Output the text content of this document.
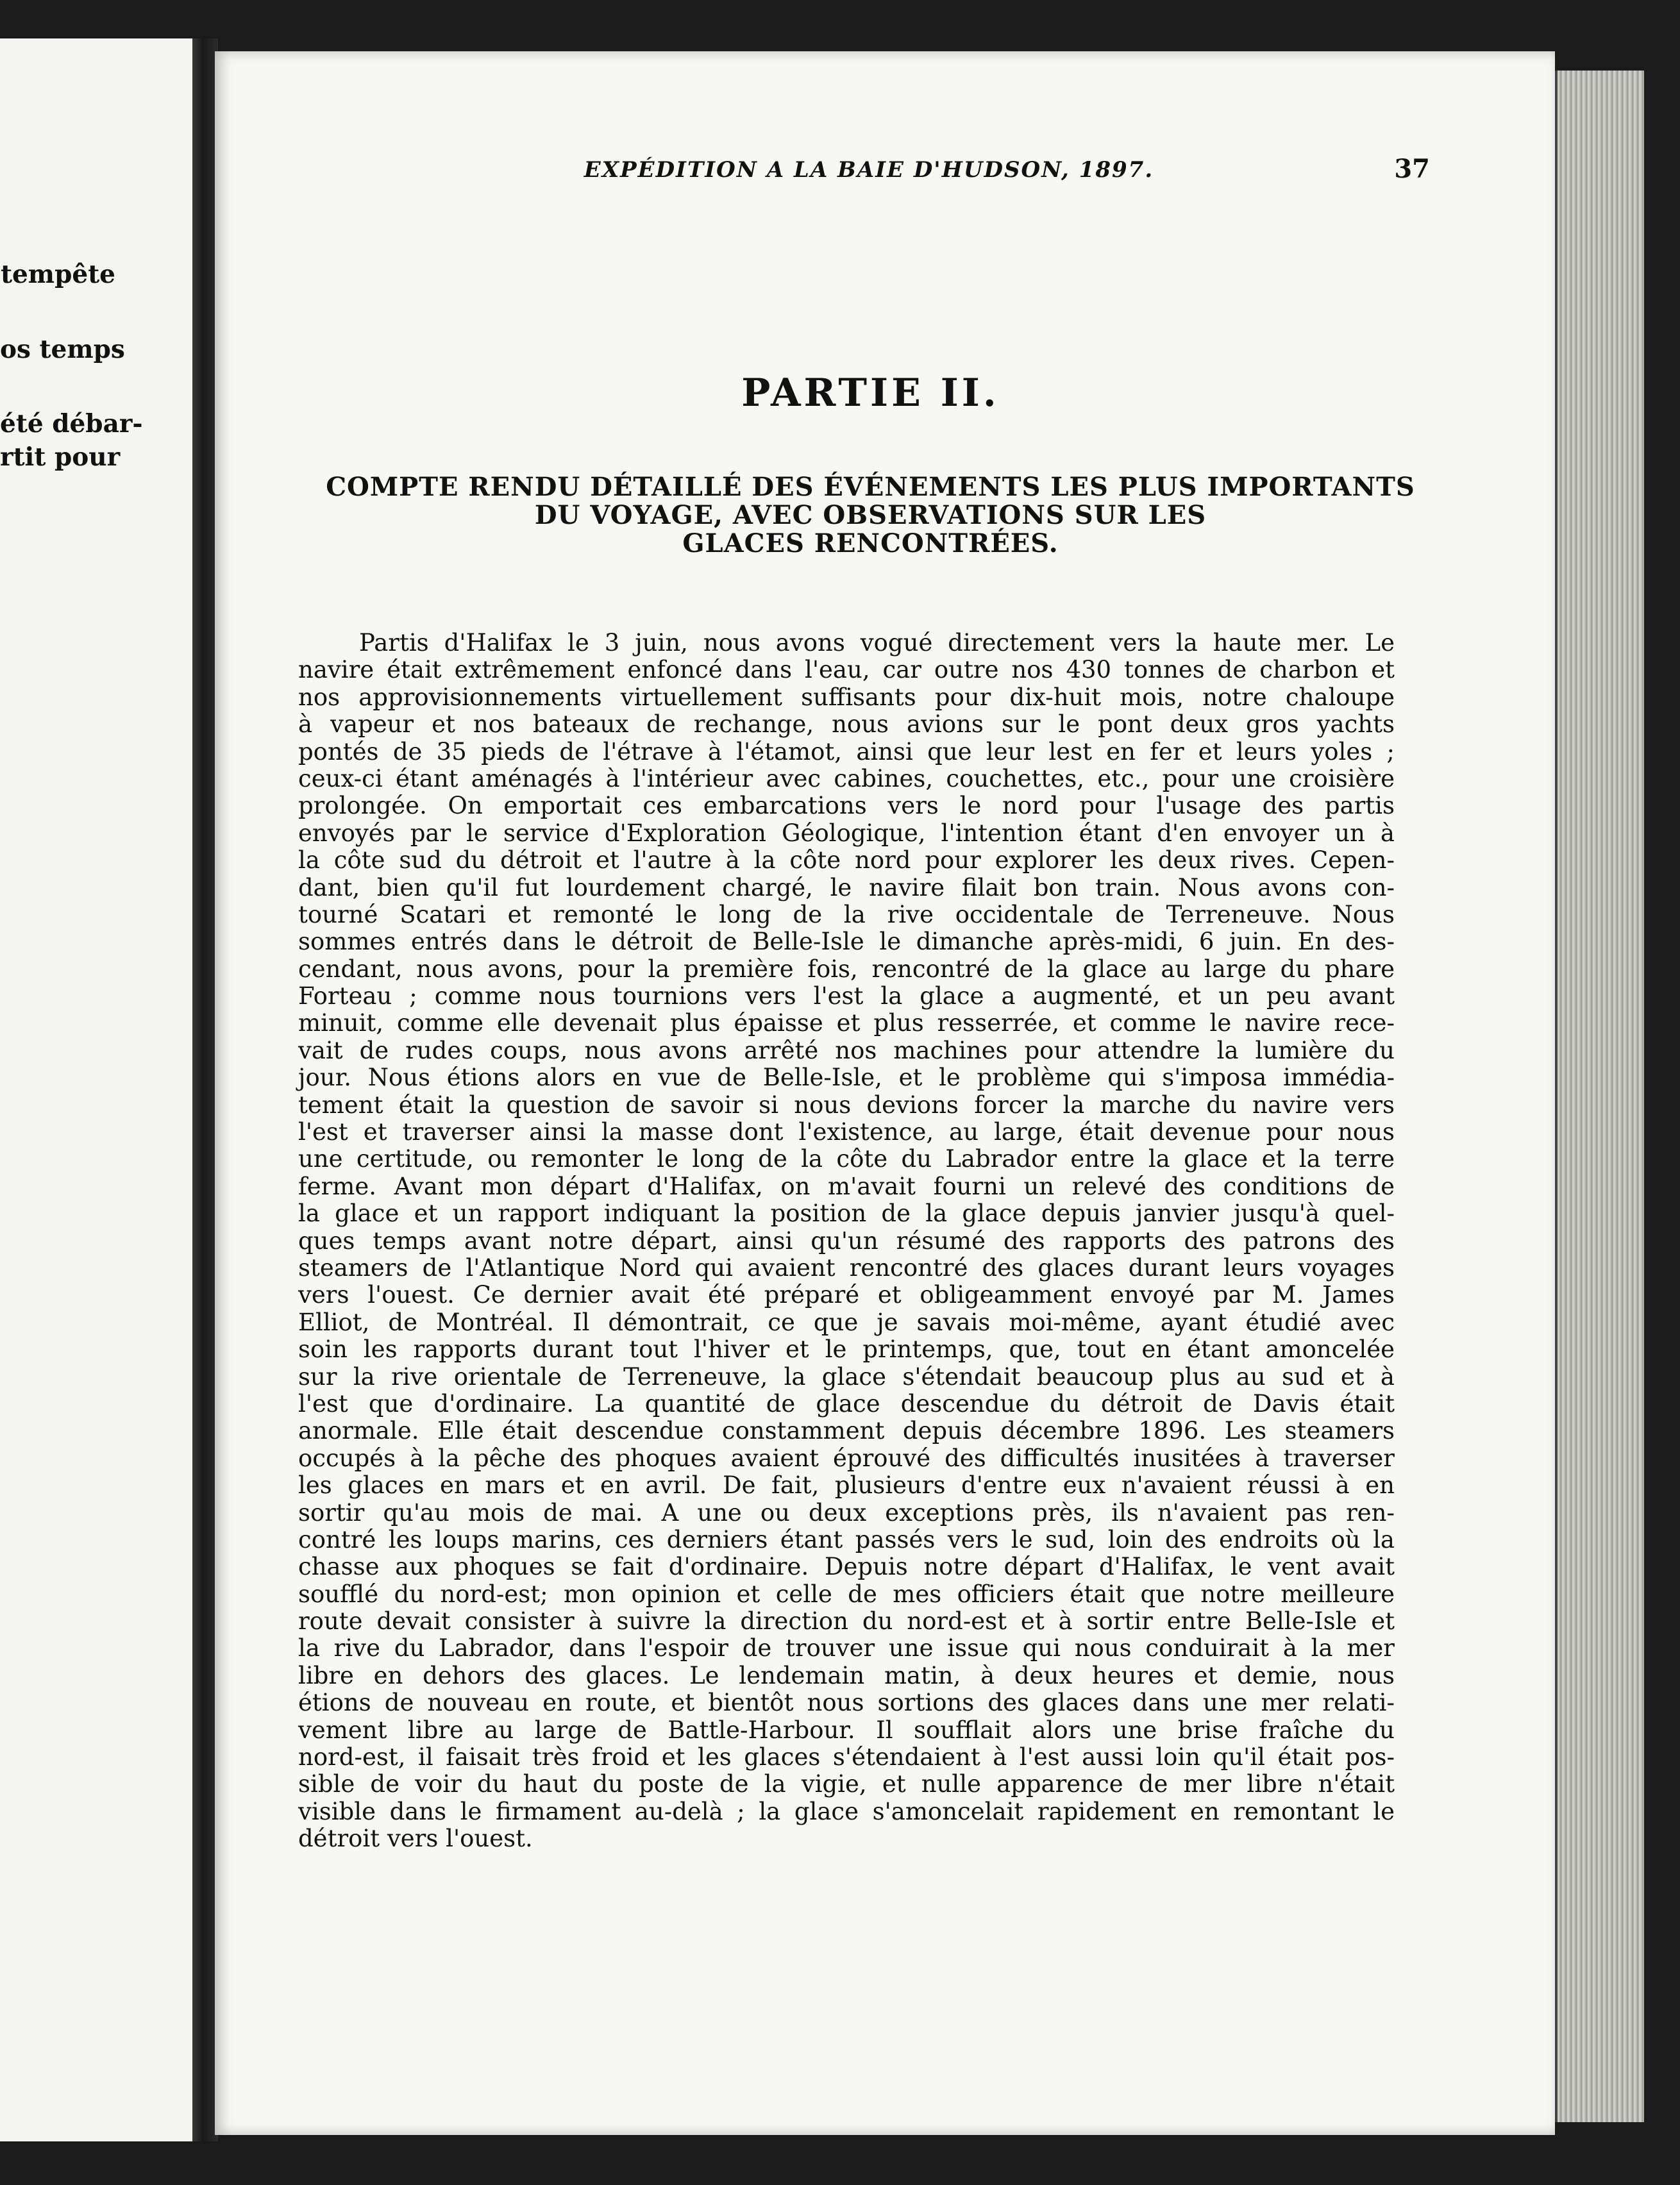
tempête
os temps
été débar-
rtit pour
EXPÉDITION A LA BAIE D'HUDSON, 1897.	37
PARTIE II.
COMPTE RENDU DÉTAILLÉ DES ÉVÉNEMENTS LES PLUS IMPORTANTS
DU VOYAGE, AVEC OBSERVATIONS SUR LES
GLACES RENCONTRÉES.
Partis d'Halifax le 3 juin, nous avons vogué directement vers la haute mer. Le
navire était extrêmement enfoncé dans l'eau, car outre nos 430 tonnes de charbon et
nos approvisionnements virtuellement suffisants pour dix-huit mois, notre chaloupe
à vapeur et nos bateaux de rechange, nous avions sur le pont deux gros yachts
pontés de 35 pieds de l'étrave à l'étamot, ainsi que leur lest en fer et leurs yoles ;
ceux-ci étant aménagés à l'intérieur avec cabines, couchettes, etc., pour une croisière
prolongée. On emportait ces embarcations vers le nord pour l'usage des partis
envoyés par le service d'Exploration Géologique, l'intention étant d'en envoyer un à
la côte sud du détroit et l'autre à la côte nord pour explorer les deux rives. Cepen-
dant, bien qu'il fut lourdement chargé, le navire filait bon train. Nous avons con-
tourné Scatari et remonté le long de la rive occidentale de Terreneuve. Nous
sommes entrés dans le détroit de Belle-Isle le dimanche après-midi, 6 juin. En des-
cendant, nous avons, pour la première fois, rencontré de la glace au large du phare
Forteau ; comme nous tournions vers l'est la glace a augmenté, et un peu avant
minuit, comme elle devenait plus épaisse et plus resserrée, et comme le navire rece-
vait de rudes coups, nous avons arrêté nos machines pour attendre la lumière du
jour. Nous étions alors en vue de Belle-Isle, et le problème qui s'imposa immédia-
tement était la question de savoir si nous devions forcer la marche du navire vers
l'est et traverser ainsi la masse dont l'existence, au large, était devenue pour nous
une certitude, ou remonter le long de la côte du Labrador entre la glace et la terre
ferme. Avant mon départ d'Halifax, on m'avait fourni un relevé des conditions de
la glace et un rapport indiquant la position de la glace depuis janvier jusqu'à quel-
ques temps avant notre départ, ainsi qu'un résumé des rapports des patrons des
steamers de l'Atlantique Nord qui avaient rencontré des glaces durant leurs voyages
vers l'ouest. Ce dernier avait été préparé et obligeamment envoyé par M. James
Elliot, de Montréal. Il démontrait, ce que je savais moi-même, ayant étudié avec
soin les rapports durant tout l'hiver et le printemps, que, tout en étant amoncelée
sur la rive orientale de Terreneuve, la glace s'étendait beaucoup plus au sud et à
l'est que d'ordinaire. La quantité de glace descendue du détroit de Davis était
anormale. Elle était descendue constamment depuis décembre 1896. Les steamers
occupés à la pêche des phoques avaient éprouvé des difficultés inusitées à traverser
les glaces en mars et en avril. De fait, plusieurs d'entre eux n'avaient réussi à en
sortir qu'au mois de mai. A une ou deux exceptions près, ils n'avaient pas ren-
contré les loups marins, ces derniers étant passés vers le sud, loin des endroits où la
chasse aux phoques se fait d'ordinaire. Depuis notre départ d'Halifax, le vent avait
soufflé du nord-est; mon opinion et celle de mes officiers était que notre meilleure
route devait consister à suivre la direction du nord-est et à sortir entre Belle-Isle et
la rive du Labrador, dans l'espoir de trouver une issue qui nous conduirait à la mer
libre en dehors des glaces. Le lendemain matin, à deux heures et demie, nous
étions de nouveau en route, et bientôt nous sortions des glaces dans une mer relati-
vement libre au large de Battle-Harbour. Il soufflait alors une brise fraîche du
nord-est, il faisait très froid et les glaces s'étendaient à l'est aussi loin qu'il était pos-
sible de voir du haut du poste de la vigie, et nulle apparence de mer libre n'était
visible dans le firmament au-delà ; la glace s'amoncelait rapidement en remontant le
détroit vers l'ouest.
